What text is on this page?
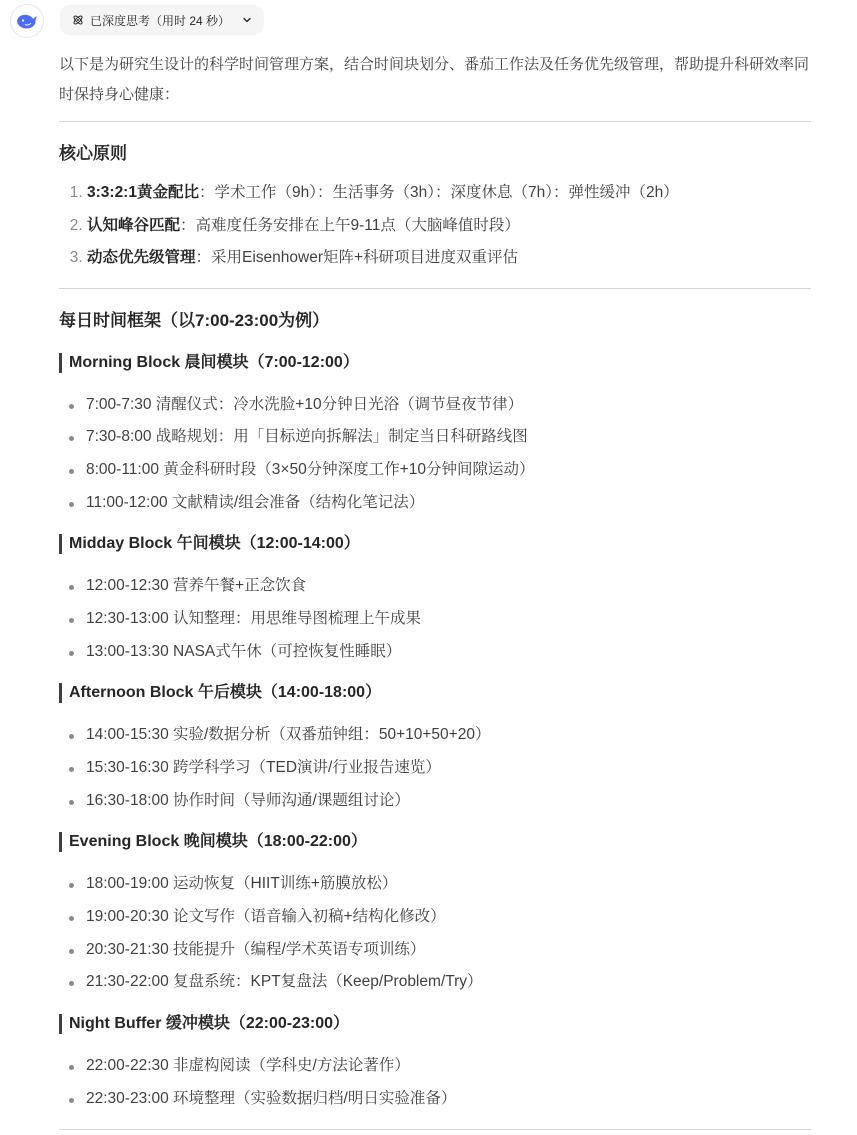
已深度思考（用时 24 秒）

以下是为研究生设计的科学时间管理方案，结合时间块划分、番茄工作法及任务优先级管理，帮助提升科研效率同时保持身心健康：

核心原则
1. 3:3:2:1黄金配比：学术工作（9h）：生活事务（3h）：深度休息（7h）：弹性缓冲（2h）
2. 认知峰谷匹配：高难度任务安排在上午9-11点（大脑峰值时段）
3. 动态优先级管理：采用Eisenhower矩阵+科研项目进度双重评估
每日时间框架（以7:00-23:00为例）
Morning Block 晨间模块（7:00-12:00）
7:00-7:30 清醒仪式：冷水洗脸+10分钟日光浴（调节昼夜节律）
7:30-8:00 战略规划：用「目标逆向拆解法」制定当日科研路线图
8:00-11:00 黄金科研时段（3×50分钟深度工作+10分钟间隙运动）
11:00-12:00 文献精读/组会准备（结构化笔记法）
Midday Block 午间模块（12:00-14:00）
12:00-12:30 营养午餐+正念饮食
12:30-13:00 认知整理：用思维导图梳理上午成果
13:00-13:30 NASA式午休（可控恢复性睡眠）
Afternoon Block 午后模块（14:00-18:00）
14:00-15:30 实验/数据分析（双番茄钟组：50+10+50+20）
15:30-16:30 跨学科学习（TED演讲/行业报告速览）
16:30-18:00 协作时间（导师沟通/课题组讨论）
Evening Block 晚间模块（18:00-22:00）
18:00-19:00 运动恢复（HIIT训练+筋膜放松）
19:00-20:30 论文写作（语音输入初稿+结构化修改）
20:30-21:30 技能提升（编程/学术英语专项训练）
21:30-22:00 复盘系统：KPT复盘法（Keep/Problem/Try）
Night Buffer 缓冲模块（22:00-23:00）
22:00-22:30 非虚构阅读（学科史/方法论著作）
22:30-23:00 环境整理（实验数据归档/明日实验准备）
